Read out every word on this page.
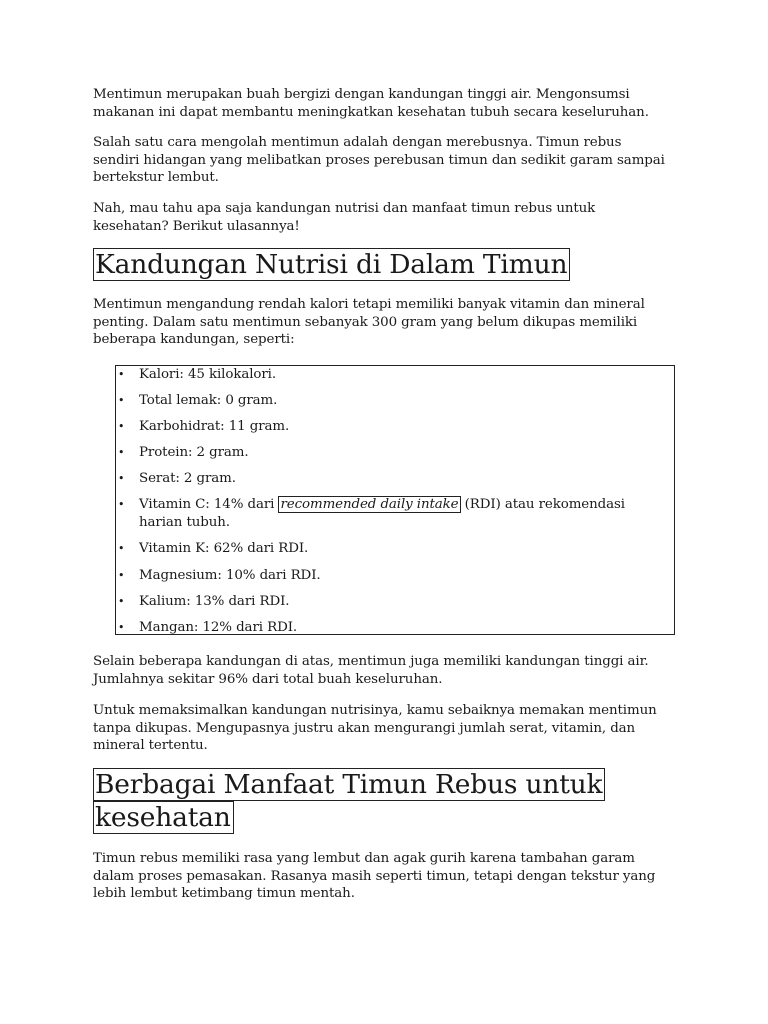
Mentimun merupakan buah bergizi dengan kandungan tinggi air. Mengonsumsi makanan ini dapat membantu meningkatkan kesehatan tubuh secara keseluruhan.

Salah satu cara mengolah mentimun adalah dengan merebusnya. Timun rebus sendiri hidangan yang melibatkan proses perebusan timun dan sedikit garam sampai bertekstur lembut.

Nah, mau tahu apa saja kandungan nutrisi dan manfaat timun rebus untuk kesehatan? Berikut ulasannya!

Kandungan Nutrisi di Dalam Timun

Mentimun mengandung rendah kalori tetapi memiliki banyak vitamin dan mineral penting. Dalam satu mentimun sebanyak 300 gram yang belum dikupas memiliki beberapa kandungan, seperti:

• Kalori: 45 kilokalori.
• Total lemak: 0 gram.
• Karbohidrat: 11 gram.
• Protein: 2 gram.
• Serat: 2 gram.
• Vitamin C: 14% dari recommended daily intake (RDI) atau rekomendasi harian tubuh.
• Vitamin K: 62% dari RDI.
• Magnesium: 10% dari RDI.
• Kalium: 13% dari RDI.
• Mangan: 12% dari RDI.

Selain beberapa kandungan di atas, mentimun juga memiliki kandungan tinggi air. Jumlahnya sekitar 96% dari total buah keseluruhan.

Untuk memaksimalkan kandungan nutrisinya, kamu sebaiknya memakan mentimun tanpa dikupas. Mengupasnya justru akan mengurangi jumlah serat, vitamin, dan mineral tertentu.

Berbagai Manfaat Timun Rebus untuk kesehatan

Timun rebus memiliki rasa yang lembut dan agak gurih karena tambahan garam dalam proses pemasakan. Rasanya masih seperti timun, tetapi dengan tekstur yang lebih lembut ketimbang timun mentah.
